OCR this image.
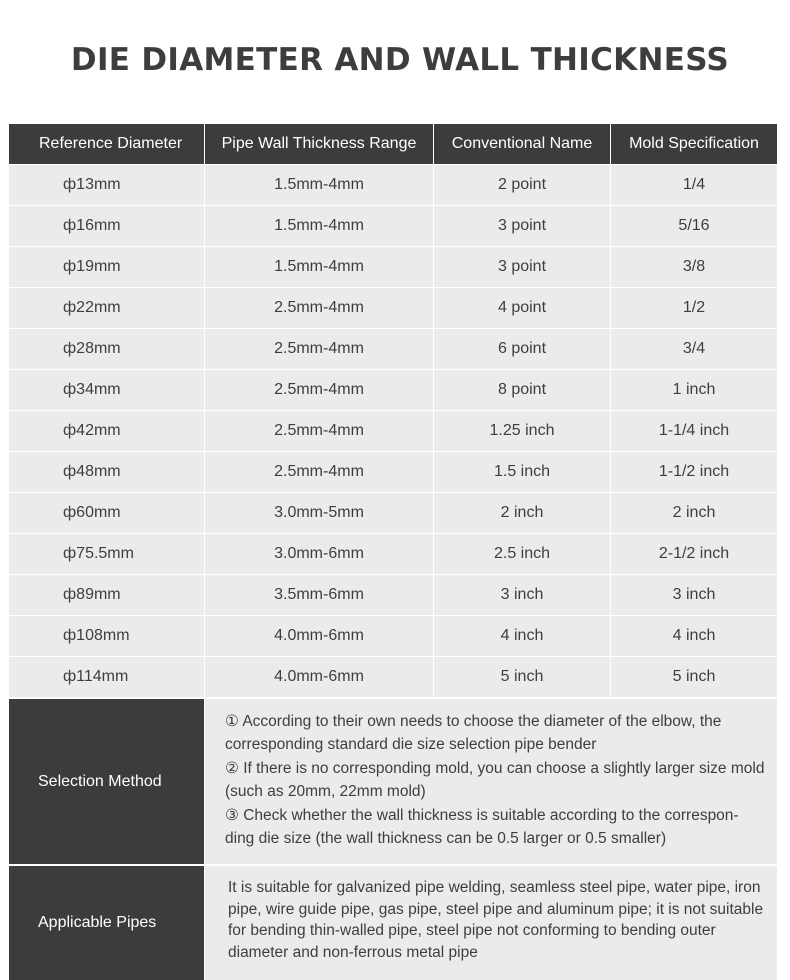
DIE DIAMETER AND WALL THICKNESS
Reference Diameter	Pipe Wall Thickness Range	Conventional Name	Mold Specification
ф13mm	1.5mm-4mm	2 point	1/4
ф16mm	1.5mm-4mm	3 point	5/16
ф19mm	1.5mm-4mm	3 point	3/8
ф22mm	2.5mm-4mm	4 point	1/2
ф28mm	2.5mm-4mm	6 point	3/4
ф34mm	2.5mm-4mm	8 point	1 inch
ф42mm	2.5mm-4mm	1.25 inch	1-1/4 inch
ф48mm	2.5mm-4mm	1.5 inch	1-1/2 inch
ф60mm	3.0mm-5mm	2 inch	2 inch
ф75.5mm	3.0mm-6mm	2.5 inch	2-1/2 inch
ф89mm	3.5mm-6mm	3 inch	3 inch
ф108mm	4.0mm-6mm	4 inch	4 inch
ф114mm	4.0mm-6mm	5 inch	5 inch
Selection Method

① According to their own needs to choose the diameter of the elbow, the corresponding standard die size selection pipe bender

② If there is no corresponding mold, you can choose a slightly larger size mold (such as 20mm, 22mm mold)

③ Check whether the wall thickness is suitable according to the correspon-ding die size (the wall thickness can be 0.5 larger or 0.5 smaller)

Applicable Pipes
It is suitable for galvanized pipe welding, seamless steel pipe, water pipe, iron pipe, wire guide pipe, gas pipe, steel pipe and aluminum pipe; it is not suitable for bending thin-walled pipe, steel pipe not conforming to bending outer diameter and non-ferrous metal pipe
